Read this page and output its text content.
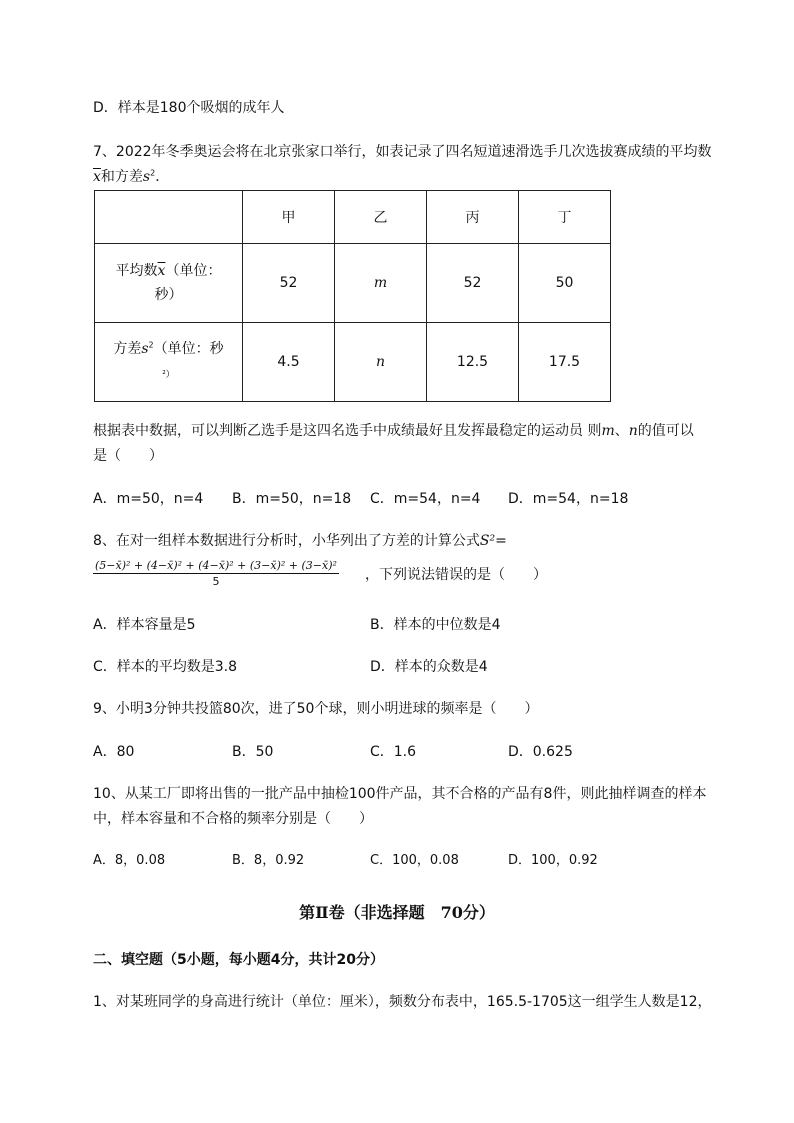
D．样本是180个吸烟的成年人
7、2022年冬季奥运会将在北京张家口举行，如表记录了四名短道速滑选手几次选拔赛成绩的平均数
$\overline{x}$和方差$s^2$．
	甲	乙	丙	丁
平均数$\overline{x}$（单位：
秒）	52	m	52	50
方差$s^2$（单位：秒
²）	4.5	n	12.5	17.5
根据表中数据，可以判断乙选手是这四名选手中成绩最好且发挥最稳定的运动员 则m、n的值可以
是（　　）
A．m=50，n=4 B．m=50，n=18 C．m=54，n=4 D．m=54，n=18
8、在对一组样本数据进行分析时，小华列出了方差的计算公式S²=
$\frac{\text{(5−x̄)² + (4−x̄)² + (4−x̄)² + (3−x̄)² + (3−x̄)²}}{5}$ ，下列说法错误的是（　　）
A．样本容量是5	B．样本的中位数是4
C．样本的平均数是3.8	D．样本的众数是4
9、小明3分钟共投篮80次，进了50个球，则小明进球的频率是（　　）
A．80	B．50	C．1.6	D．0.625
10、从某工厂即将出售的一批产品中抽检100件产品，其不合格的产品有8件，则此抽样调查的样本
中，样本容量和不合格的频率分别是（　　）
A．8，0.08	B．8，0.92	C．100，0.08	D．100，0.92
第Ⅱ卷（非选择题　70分）
二、填空题（5小题，每小题4分，共计20分）
1、对某班同学的身高进行统计（单位：厘米），频数分布表中，165.5-1705这一组学生人数是12，
